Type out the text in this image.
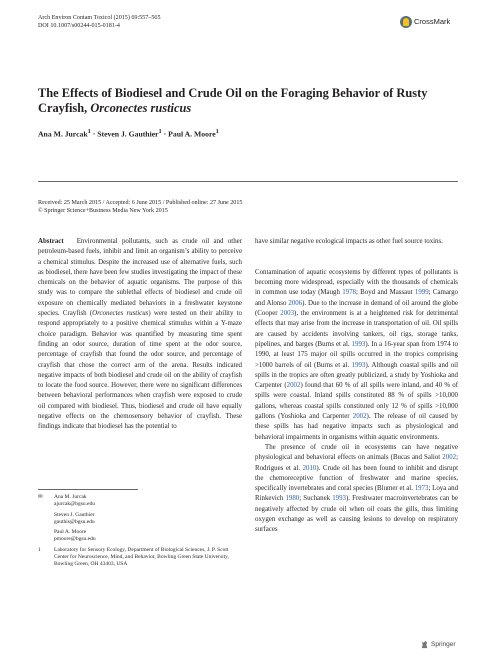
Arch Environ Contam Toxicol (2015) 69:557–565
DOI 10.1007/s00244-015-0181-4	CrossMark
The Effects of Biodiesel and Crude Oil on the Foraging Behavior of Rusty Crayfish, Orconectes rusticus
Ana M. Jurcak$^1$ · Steven J. Gauthier$^1$ · Paul A. Moore$^1$
Received: 25 March 2015 / Accepted: 6 June 2015 / Published online: 27 June 2015
© Springer Science+Business Media New York 2015

Abstract Environmental pollutants, such as crude oil and other petroleum-based fuels, inhibit and limit an organism’s ability to perceive a chemical stimulus. Despite the increased use of alternative fuels, such as biodiesel, there have been few studies investigating the impact of these chemicals on the behavior of aquatic organisms. The purpose of this study was to compare the sublethal effects of biodiesel and crude oil exposure on chemically mediated behaviors in a freshwater keystone species. Crayfish (Orconectes rusticus) were tested on their ability to respond appropriately to a positive chemical stimulus within a Y-maze choice paradigm. Behavior was quantified by measuring time spent finding an odor source, duration of time spent at the odor source, percentage of crayfish that found the odor source, and percentage of crayfish that chose the correct arm of the arena. Results indicated negative impacts of both biodiesel and crude oil on the ability of crayfish to locate the food source. However, there were no significant differences between behavioral performances when crayfish were exposed to crude oil compared with biodiesel. Thus, biodiesel and crude oil have equally negative effects on the chemosensory behavior of crayfish. These findings indicate that biodiesel has the potential to

have similar negative ecological impacts as other fuel source toxins.

Contamination of aquatic ecosystems by different types of pollutants is becoming more widespread, especially with the thousands of chemicals in common use today (Maugh 1978; Boyd and Massaut 1999; Camargo and Alonso 2006). Due to the increase in demand of oil around the globe (Cooper 2003), the environment is at a heightened risk for detrimental effects that may arise from the increase in transportation of oil. Oil spills are caused by accidents involving tankers, oil rigs, storage tanks, pipelines, and barges (Burns et al. 1993). In a 16-year span from 1974 to 1990, at least 175 major oil spills occurred in the tropics comprising >1000 barrels of oil (Burns et al. 1993). Although coastal spills and oil spills in the tropics are often greatly publicized, a study by Yoshioka and Carpenter (2002) found that 60 % of all spills were inland, and 40 % of spills were coastal. Inland spills constituted 88 % of spills >10,000 gallons, whereas coastal spills constituted only 12 % of spills >10,000 gallons (Yoshioka and Carpenter 2002). The release of oil caused by these spills has had negative impacts such as physiological and behavioral impairments in organisms within aquatic environments.

The presence of crude oil in ecosystems can have negative physiological and behavioral effects on animals (Bucas and Saliot 2002; Rodrigues et al. 2010). Crude oil has been found to inhibit and disrupt the chemoreceptive function of freshwater and marine species, specifically invertebrates and coral species (Blumer et al. 1973; Loya and Rinkevich 1980; Suchanek 1993). Freshwater macroinvertebrates can be negatively affected by crude oil when oil coats the gills, thus limiting oxygen exchange as well as causing lesions to develop on respiratory surfaces

✉	Ana M. Jurcak
ajurcak@bgsu.edu
Steven J. Gauthier
gauthis@bgsu.edu
Paul A. Moore
pmoore@bgsu.edu
1	Laboratory for Sensory Ecology, Department of Biological Sciences, J. P. Scott Center for Neuroscience, Mind, and Behavior, Bowling Green State University, Bowling Green, OH 43403, USA
Springer
